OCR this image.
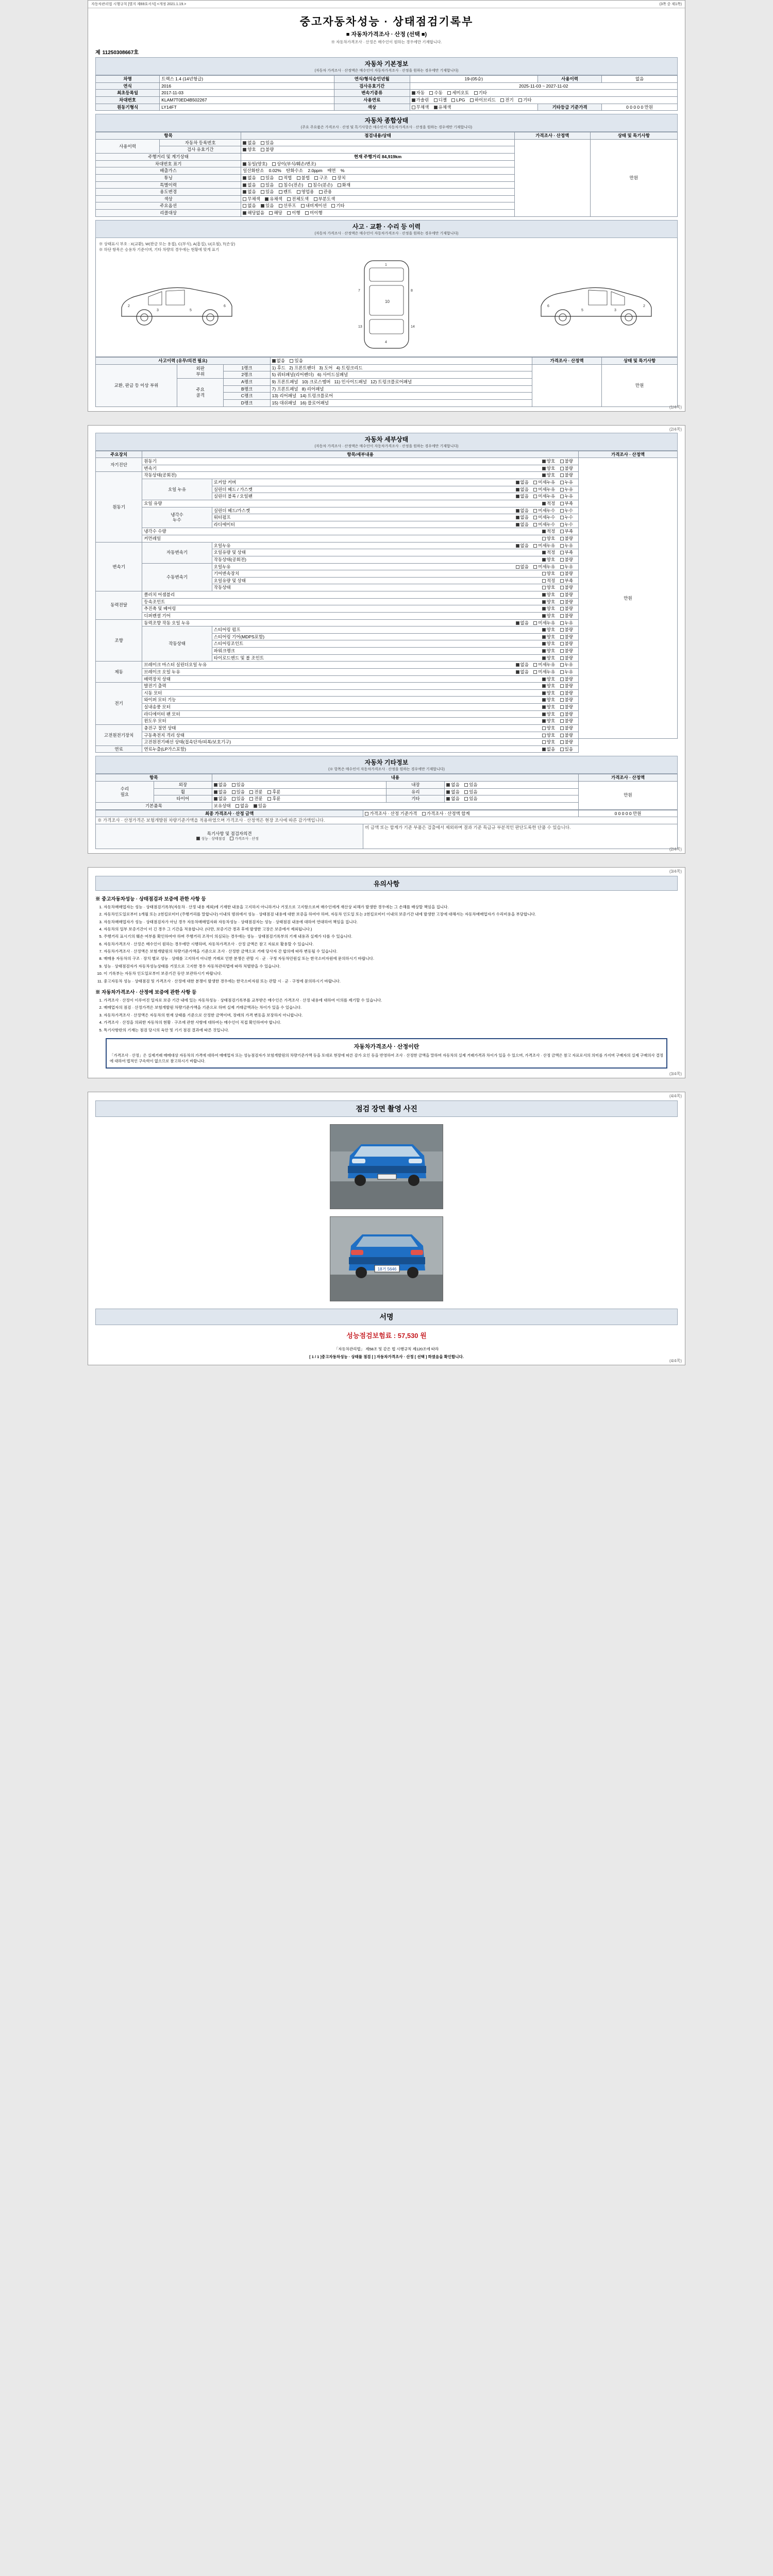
자동차관리법 시행규칙 [별지 제69호서식] <개정 2021.1.19.>	(3쪽 중 제1쪽)
중고자동차성능 · 상태점검기록부
■ 자동차가격조사 · 산정 (선택 ■)
※ 자동차가격조사 · 산정은 매수인이 원하는 경우에만 기재합니다.
제 11250308667호
자동차 기본정보
(자동차 가격조사 · 산정액은 매수인이 자동차가격조사 · 산정을 원하는 경우에만 기재합니다)
차명	트랙스 1.4 (14년형급)	연식/형식승인년월	19-(05승)	사용이력	없음
연식	2016	검사유효기간	2025-11-03 ~ 2027-11-02		
최초등록일	2017-11-03	변속기종류	자동 수동 세미오토 기타		
차대번호	KLAM7T0ED4B502267	사용연료	가솔린 디젤 LPG 하이브리드 전기 기타		
원동기형식	LY14FT	색상	무채색 유채색	기타등급 기준가격	0 0 0 0 0 만원
자동차 종합상태
(주요 주요품은 가격조사 · 산정 및 특기사항은 매수인이 자동차가격조사 · 산정을 원하는 경우에만 기재합니다)
항목		점검내용/상태	가격조사 · 산정액	상태 및 특기사항
사용이력	자동차 등록번호	없음 있음		만원

	검사 유효기간	양호 불량		
주행거리 및 계기상태		현재 주행거리 84,919km		
차대번호 표기		동일(양호) 상이(부식/훼손/변조)		
배출가스		일산화탄소 0.02% 탄화수소 2.0ppm 매연 %		
튜닝		없음 있음 적법 불법 구조 장치		
특별이력		없음 있음 침수(전손) 침수(분손) 화재		
용도변경		없음 있음 렌트 영업용 관용		
색상		무채색 유채색 전체도색 부분도색		
주요옵션		없음 있음 선루프 내비게이션 기타		
리콜대상		해당없음 해당 이행 미이행		
사고 · 교환 · 수리 등 이력
(자동차 가격조사 · 산정액은 매수인이 자동차가격조사 · 산정을 원하는 경우에만 기재합니다)
※ 상태표시 부호 : X(교환), W(판금 또는 용접), C(부식), A(흠집), U(요철), T(손상)
※ 하단 항목은 승용차 기준이며, 기타 차량의 경우에는 현황에 맞게 표기
2
3	5
6
1
10
4
7	8
13	14
2
3
5
6
사고이력 (유무/의견 필요)			없음 있음	가격조사 · 산정액	상태 및 특기사항
교환, 판금 등 이상 부위	외판
부위	1랭크	1) 후드   2) 프론트팬더   3) 도어   4) 트렁크리드		만원
		2랭크	5) 쿼터패널(리어펜더)   6) 사이드실패널		
	주요
골격	A랭크	9) 프론트패널   10) 크로스멤버   11) 인사이드패널   12) 트렁크플로어패널		
		B랭크	7) 프론트패널   8) 리어패널		
		C랭크	13) 리어패널   14) 트렁크플로어		
		D랭크	15) 대쉬패널   16) 플로어패널		
(1/4쪽)
(2/4쪽)
자동차 세부상태
(자동차 가격조사 · 산정액은 매수인이 자동차가격조사 · 산정을 원하는 경우에만 기재합니다)
주요장치	항목/세부내용		가격조사 · 산정액
자기진단	원동기 양호 불량		만원
	변속기 양호 불량		

원동기	작동상태(공회전) 양호 불량		

	오일 누유	로커암 커버 없음 미세누유 누유	

		실린더 헤드 / 가스켓 없음 미세누유 누유	

		실린더 블록 / 오일팬 없음 미세누유 누유	

	오일 유량 적정 부족		

	냉각수
누수	실린더 헤드/가스켓 없음 미세누수 누수	

		워터펌프 없음 미세누수 누수	

		라디에이터 없음 미세누수 누수	

	냉각수 수량 적정 부족		

	커먼레일 양호 불량		

변속기	자동변속기	오일누유 없음 미세누유 누유	

		오일유량 및 상태 적정 부족	

		작동상태(공회전) 양호 불량	

	수동변속기	오일누유 없음 미세누유 누유	

		기어변속장치 양호 불량	

		오일유량 및 상태 적정 부족	

		작동상태 양호 불량	

동력전달	클러치 어셈블리 양호 불량		

	등속조인트 양호 불량		

	추진축 및 베어링 양호 불량		

	디퍼렌셜 기어 양호 불량		

조향	동력조향 작동 오일 누유 없음 미세누유 누유		

	작동상태	스티어링 펌프 양호 불량	

		스티어링 기어(MDPS포함) 양호 불량	

		스티어링조인트 양호 불량	

		파워크랭크 양호 불량	

		타이로드엔드 및 볼 조인트 양호 불량	

제동	브레이크 마스터 실린더오일 누유 없음 미세누유 누유		

	브레이크 오일 누유 없음 미세누유 누유		

	배력장치 상태 양호 불량		

전기	발전기 출력 양호 불량		

	시동 모터 양호 불량		

	와이퍼 모터 기능 양호 불량		

	실내송풍 모터 양호 불량		

	라디에이터 팬 모터 양호 불량		

	윈도우 모터 양호 불량		

고전원전기장치	충전구 절연 상태 양호 불량		

	구동축전지 격리 상태 양호 불량		

	고전원전기배선 상태(접속단자/피복/보호기구) 양호 불량		

연료	연료누출(LP가스포함) 없음 있음		
자동차 기타정보
(※ 항목은 매수인이 자동차가격조사 · 산정을 원하는 경우에만 기재합니다)
항목		내용			가격조사 · 산정액
수리
필요	외장	없음 있음	내장	없음 있음	만원
	휠	없음 있음 전륜 후륜	유리	없음 있음	
	타이어	없음 있음 전륜 후륜	기타	없음 있음	
기본품목		보유상태 없음 있음			
최종 가격조사 · 산정 금액	가격조사 · 산정 기준가격 가격조사 · 산정액 합계	0 0 0 0 0 만원
※ 가격조사 · 산정가격은 보험개발원 차량기준가액을 적용하였으며 가격조사 · 산정액은 현장 조사에 따른 감가액입니다.		

특기사항 및 점검자의견
성능 · 상태점검 가격조사 · 산정	비 금액 또는 합계가 기준 부품은 검출에서 제외하며 결과 기준 특급규 부분적인 판단도록한 단품 수 있습니다.	
(2/4쪽)
(3/4쪽)
유의사항
※ 중고자동차성능 · 상태점검과 보증에 관한 사항 등
1. 자동차매매업자는 성능 · 상태점검기록부(자동차 · 산정 내용 제외)에 기재한 내용을 고지하지 아니하거나 거짓으로 고지함으로써 매수인에게 재산상 피해가 발생한 경우에는 그 손해를 배상할 책임을 집니다.
2. 자동차인도일로부터 1개월 또는 2천킬로미터 (주행거리를 말합니다) 이내의 범위에서 성능 · 상태점검 내용에 대한 보증을 하여야 하며, 자동차 인도일 또는 2천킬로미터 이내의 보증기간 내에 발생한 고장에 대해서는 자동차매매업자가 수리비용을 부담합니다.
3. 자동차매매업자가 성능 · 상태점검자가 아닌 경우 자동차매매업자와 자동차성능 · 상태점검자는 성능 · 상태점검 내용에 대하여 연대하여 책임을 집니다.
4. 자동차의 일부 보증기간이 더 긴 경우 그 기간을 적용합니다. (다만, 보증기간 경과 후에 발생한 고장은 보증에서 제외됩니다.)
5. 주행거리 표시기의 훼손 여부를 확인하여야 하며 주행거리 조작이 의심되는 경우에는 성능 · 상태점검기록부의 기재 내용과 실제가 다를 수 있습니다.
6. 자동차가격조사 · 산정은 매수인이 원하는 경우에만 시행하며, 자동차가격조사 · 산정 금액은 참고 자료로 활용할 수 있습니다.
7. 자동차가격조사 · 산정액은 보험개발원의 차량기준가액을 기준으로 조사 · 산정한 금액으로 거래 당사자 간 합의에 따라 변동될 수 있습니다.
8. 매매용 자동차의 구조 · 장치 별로 성능 · 상태를 고지하지 아니한 거래로 인한 분쟁은 관할 시 · 군 · 구청 자동차민원실 또는 한국소비자원에 문의하시기 바랍니다.
9. 성능 · 상태점검자가 자동차성능상태를 거짓으로 고지한 경우 자동차관리법에 따라 처벌받을 수 있습니다.
10. 이 기록부는 자동차 인도일로부터 보증기간 동안 보관하시기 바랍니다.
11. 중고자동차 성능 · 상태점검 및 가격조사 · 산정에 대한 분쟁이 발생한 경우에는 한국소비자원 또는 관할 시 · 군 · 구청에 문의하시기 바랍니다.
※ 자동차가격조사 · 산정에 보증에 관한 사항 등
1. 가격조사 · 산정이 이루어진 일자로 보증 기간 내에 있는 자동차성능 · 상태점검기록부를 교부받은 매수인은 가격조사 · 산정 내용에 대하여 이의를 제기할 수 있습니다.
2. 매매업자의 점검 · 산정가격은 보험개발원 차량기준가액을 기준으로 하며 실제 거래금액과는 차이가 있을 수 있습니다.
3. 자동차가격조사 · 산정액은 자동차의 현재 상태를 기준으로 산정한 금액이며, 장래의 가격 변동을 보장하지 아니합니다.
4. 가격조사 · 산정을 의뢰한 자동차의 현황 · 구조에 관한 사항에 대하여는 매수인이 직접 확인하여야 합니다.
5. 특기사항란의 기재는 점검 당시의 육안 및 기기 점검 결과에 따른 것입니다.
자동차가격조사 · 산정이란

「가격조사 · 산정」은 실제거래 매매대상 자동차의 가격에 대하여 매매업자 또는 성능점검자가 보험개발원의 차량기준가액 등을 토대로 현장에 따른 감가 요인 등을 반영하여 조사 · 산정한 금액을 말하며 자동차의 실제 거래가격과 차이가 있을 수 있으며, 가격조사 · 산정 금액은 참고 자료로서의 의미를 가지며 구매자의 실제 구매의사 결정에 대하여 법적인 구속력이 없으므로 참고하시기 바랍니다.

(3/4쪽)
(4/4쪽)
점검 장면 촬영 사진
18거 5646
서명
성능점검보험료 : 57,530 원
「자동차관리법」 제58조 및 같은 법 시행규칙 제120조에 따라
[ 1 / 1 ]중고자동차성능 · 상태를 점검 [ ] 자동차가격조사 · 산정 [ 선택 ] 하였음을 확인합니다.
(4/4쪽)
